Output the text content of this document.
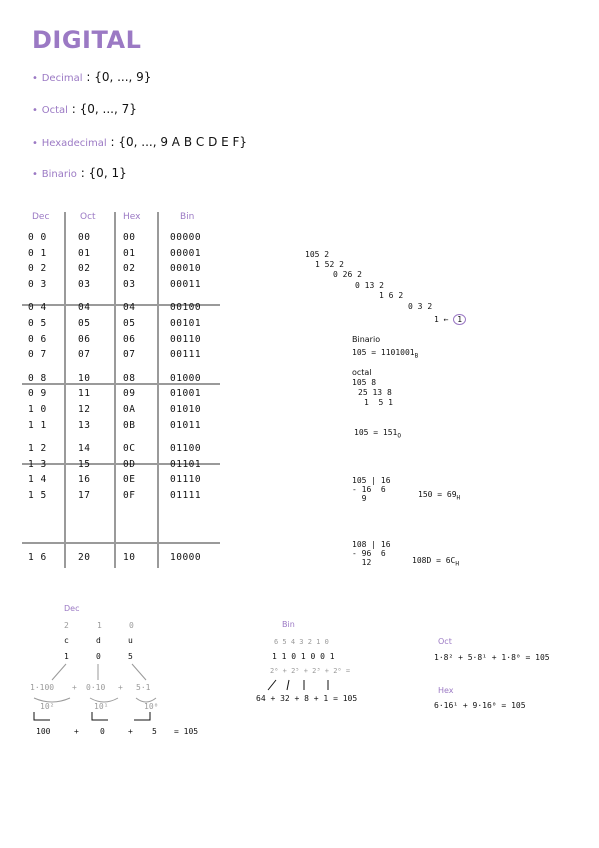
DIGITAL
• Decimal : {0, ..., 9}
• Octal : {0, ..., 7}
• Hexadecimal : {0, ..., 9 A B C D E F}
• Binario : {0, 1}
Dec	Oct	Hex	Bin
0 0	00	00	00000
0 1	01	01	00001
0 2	02	02	00010
0 3	03	03	00011
0 4	04	04	00100
0 5	05	05	00101
0 6	06	06	00110
0 7	07	07	00111
0 8	10	08	01000
0 9	11	09	01001
1 0	12	0A	01010
1 1	13	0B	01011
1 2	14	0C	01100
1 3	15	0D	01101
1 4	16	0E	01110
1 5	17	0F	01111
1 6	20	10	10000
105 2
1 52 2
0 26 2
0 13 2
1 6 2
0 3 2
1 ← 1
Binario
$105 = 1101001_B$
octal
105 8
25 13 8
1 5 1
$105 = 151_O$
105 | 16
- 16 6
9	$150 = 69_H$
108 | 16
- 96 6
12	$108D = 6C_H$
Dec
2	1	0
c	d	u
1	0	5
1·100 + 0·10 + 5·1
10²	10¹	10⁰
100	+	0	+ 5 = 105
Bin
6 5 4 3 2 1 0
1 1 0 1 0 0 1
2⁶ + 2⁵ + 2³ + 2⁰ =
64 + 32 + 8 + 1 = 105
Oct
1·8² + 5·8¹ + 1·8⁰ = 105
Hex
6·16¹ + 9·16⁰ = 105
